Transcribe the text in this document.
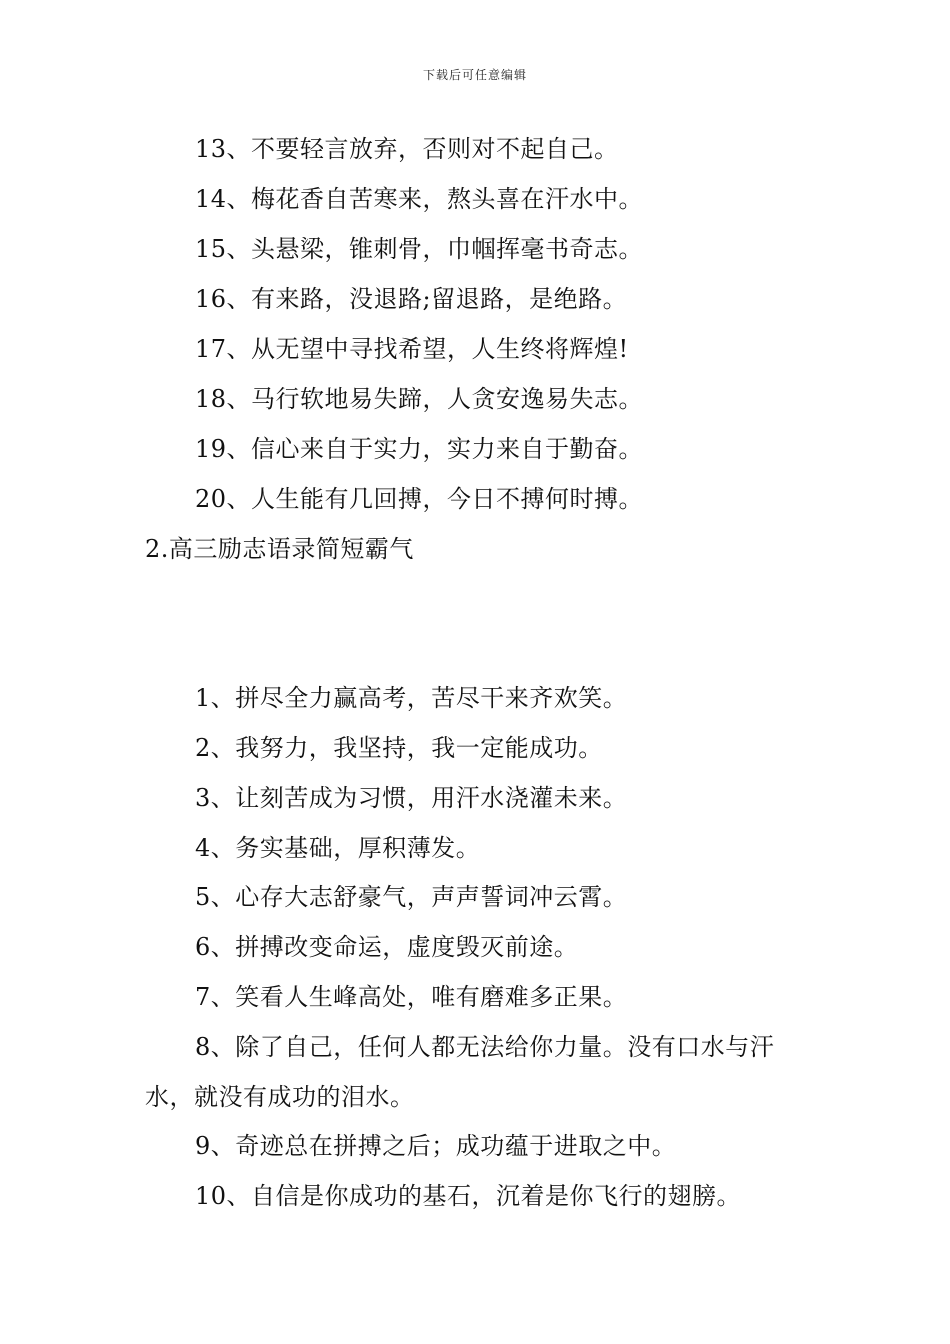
下载后可任意编辑
13、不要轻言放弃，否则对不起自己。
14、梅花香自苦寒来，熬头喜在汗水中。
15、头悬梁，锥刺骨，巾帼挥毫书奇志。
16、有来路，没退路;留退路，是绝路。
17、从无望中寻找希望，人生终将辉煌!
18、马行软地易失蹄，人贪安逸易失志。
19、信心来自于实力，实力来自于勤奋。
20、人生能有几回搏，今日不搏何时搏。
2.高三励志语录简短霸气
1、拼尽全力赢高考，苦尽干来齐欢笑。
2、我努力，我坚持，我一定能成功。
3、让刻苦成为习惯，用汗水浇灌未来。
4、务实基础，厚积薄发。
5、心存大志舒豪气，声声誓词冲云霄。
6、拼搏改变命运，虚度毁灭前途。
7、笑看人生峰高处，唯有磨难多正果。
8、除了自己，任何人都无法给你力量。没有口水与汗
水，就没有成功的泪水。
9、奇迹总在拼搏之后；成功蕴于进取之中。
10、自信是你成功的基石，沉着是你飞行的翅膀。
